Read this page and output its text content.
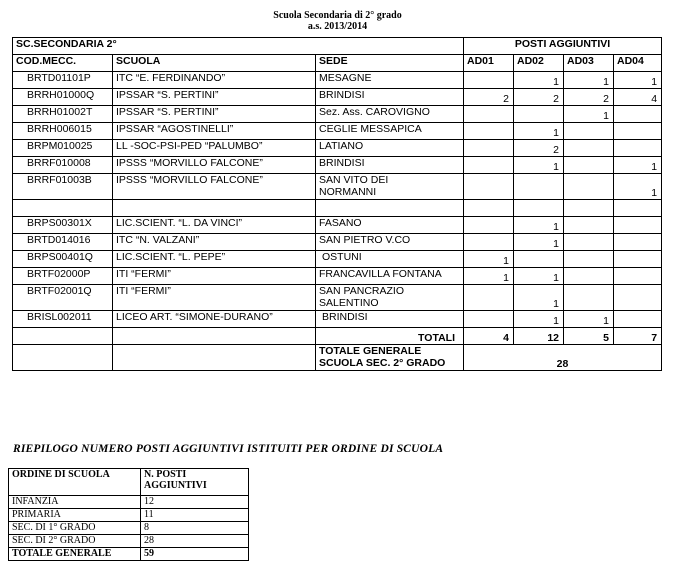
Scuola Secondaria di 2° grado
a.s. 2013/2014
SC.SECONDARIA 2°			POSTI AGGIUNTIVI			
COD.MECC.	SCUOLA	SEDE	AD01	AD02	AD03	AD04
BRTD01101P	ITC “E. FERDINANDO”	MESAGNE		1	1	1
BRRH01000Q	IPSSAR “S. PERTINI”	BRINDISI	2	2	2	4
BRRH01002T	IPSSAR “S. PERTINI”	Sez. Ass. CAROVIGNO			1	
BRRH006015	IPSSAR “AGOSTINELLI”	CEGLIE MESSAPICA		1		
BRPM010025	LL -SOC-PSI-PED “PALUMBO”	LATIANO		2		
BRRF010008	IPSSS “MORVILLO FALCONE”	BRINDISI		1		1
BRRF01003B	IPSSS “MORVILLO FALCONE”	SAN VITO DEI
NORMANNI				1

BRPS00301X	LIC.SCIENT. “L. DA VINCI”	FASANO		1		
BRTD014016	ITC “N. VALZANI”	SAN PIETRO V.CO		1		
BRPS00401Q	LIC.SCIENT. “L. PEPE”	OSTUNI	1			
BRTF02000P	ITI “FERMI”	FRANCAVILLA FONTANA	1	1		
BRTF02001Q	ITI “FERMI”	SAN PANCRAZIO
SALENTINO		1		
BRISL002011	LICEO ART. “SIMONE-DURANO”	BRINDISI		1	1	
		TOTALI	4	12	5	7

		TOTALE GENERALE
SCUOLA SEC. 2° GRADO	28			
RIEPILOGO NUMERO POSTI AGGIUNTIVI ISTITUITI PER ORDINE DI SCUOLA
ORDINE DI SCUOLA	N. POSTI
AGGIUNTIVI

INFANZIA	12
PRIMARIA	11
SEC. DI 1° GRADO	8
SEC. DI 2° GRADO	28
TOTALE GENERALE	59
